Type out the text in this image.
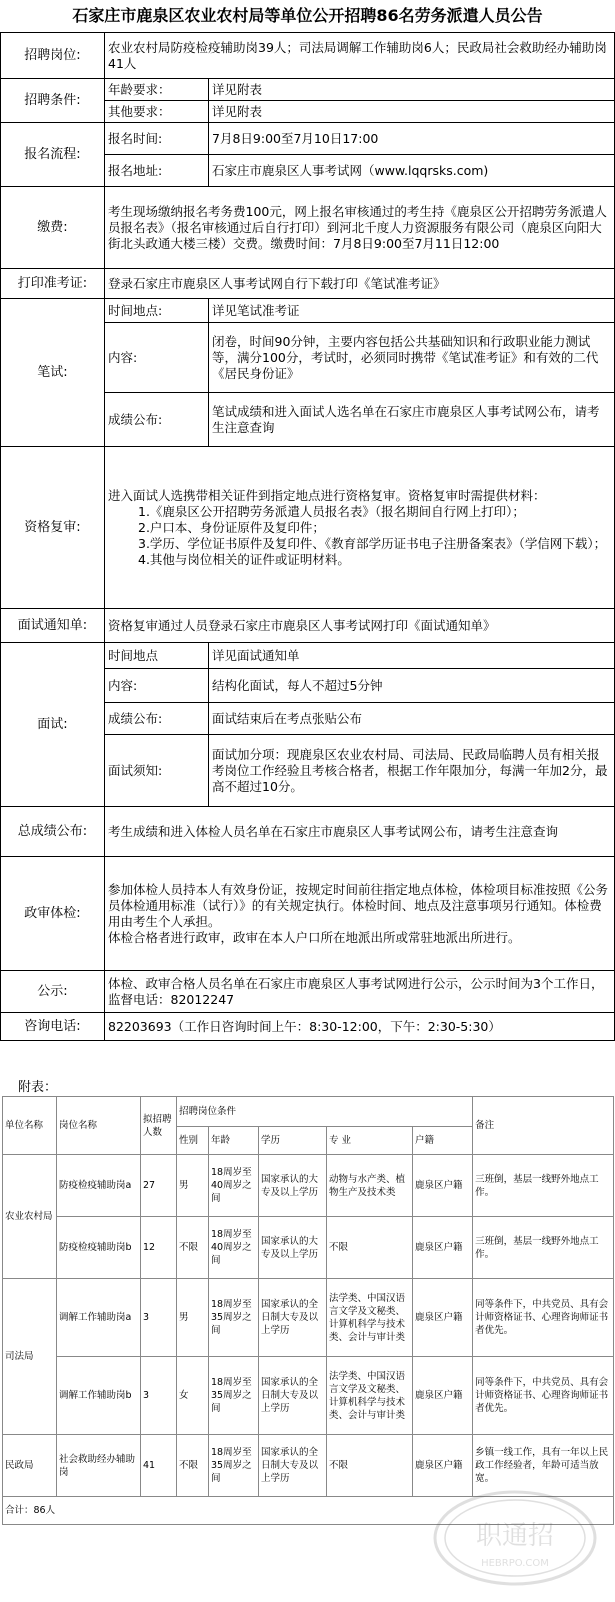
石家庄市鹿泉区农业农村局等单位公开招聘86名劳务派遣人员公告
招聘岗位:	农业农村局防疫检疫辅助岗39人；司法局调解工作辅助岗6人；民政局社会救助经办辅助岗41人	
招聘条件:	年龄要求：	详见附表
	其他要求：	详见附表
报名流程:	报名时间:	7月8日9:00至7月10日17:00
	报名地址:	石家庄市鹿泉区人事考试网（www.lqqrsks.com)
缴费:	考生现场缴纳报名考务费100元，网上报名审核通过的考生持《鹿泉区公开招聘劳务派遣人员报名表》（报名审核通过后自行打印）到河北千度人力资源服务有限公司（鹿泉区向阳大街北头政通大楼三楼）交费。缴费时间：7月8日9:00至7月11日12:00	
打印准考证:	登录石家庄市鹿泉区人事考试网自行下载打印《笔试准考证》	
笔试:	时间地点:	详见笔试准考证
	内容:	闭卷，时间90分钟，主要内容包括公共基础知识和行政职业能力测试等，满分100分，考试时，必须同时携带《笔试准考证》和有效的二代《居民身份证》
	成绩公布:	笔试成绩和进入面试人选名单在石家庄市鹿泉区人事考试网公布，请考生注意查询
资格复审:	进入面试人选携带相关证件到指定地点进行资格复审。资格复审时需提供材料：
1.《鹿泉区公开招聘劳务派遣人员报名表》（报名期间自行网上打印）；
2.户口本、身份证原件及复印件；
3.学历、学位证书原件及复印件、《教育部学历证书电子注册备案表》（学信网下载）；
4.其他与岗位相关的证件或证明材料。	

面试通知单:	资格复审通过人员登录石家庄市鹿泉区人事考试网打印《面试通知单》	
面试:	时间地点	详见面试通知单
	内容:	结构化面试，每人不超过5分钟
	成绩公布:	面试结束后在考点张贴公布
	面试须知:	面试加分项：现鹿泉区农业农村局、司法局、民政局临聘人员有相关报考岗位工作经验且考核合格者，根据工作年限加分，每满一年加2分，最高不超过10分。
总成绩公布:	考生成绩和进入体检人员名单在石家庄市鹿泉区人事考试网公布，请考生注意查询	
政审体检:	参加体检人员持本人有效身份证，按规定时间前往指定地点体检，体检项目标准按照《公务员体检通用标准（试行）》的有关规定执行。体检时间、地点及注意事项另行通知。体检费用由考生个人承担。
体检合格者进行政审，政审在本人户口所在地派出所或常驻地派出所进行。	

公示:	体检、政审合格人员名单在石家庄市鹿泉区人事考试网进行公示，公示时间为3个工作日，监督电话：82012247	
咨询电话:	82203693（工作日咨询时间上午：8:30-12:00，下午：2:30-5:30）	
附表：
单位名称	岗位名称	拟招聘人数	招聘岗位条件					备注
			性别	年龄	学历	专 业	户籍	
农业农村局	防疫检疫辅助岗a	27	男	18周岁至40周岁之间	国家承认的大专及以上学历	动物与水产类、植物生产及技术类	鹿泉区户籍	三班倒，基层一线野外地点工作。
	防疫检疫辅助岗b	12	不限	18周岁至40周岁之间	国家承认的大专及以上学历	不限	鹿泉区户籍	三班倒，基层一线野外地点工作。
司法局	调解工作辅助岗a	3	男	18周岁至35周岁之间	国家承认的全日制大专及以上学历	法学类、中国汉语言文学及文秘类、计算机科学与技术类、会计与审计类	鹿泉区户籍	同等条件下，中共党员、具有会计师资格证书、心理咨询师证书者优先。
	调解工作辅助岗b	3	女	18周岁至35周岁之间	国家承认的全日制大专及以上学历	法学类、中国汉语言文学及文秘类、计算机科学与技术类、会计与审计类	鹿泉区户籍	同等条件下，中共党员、具有会计师资格证书、心理咨询师证书者优先。
民政局	社会救助经办辅助岗	41	不限	18周岁至35周岁之间	国家承认的全日制大专及以上学历	不限	鹿泉区户籍	乡镇一线工作，具有一年以上民政工作经验者，年龄可适当放宽。
合计：86人								
职通招
HEBRPO.COM
